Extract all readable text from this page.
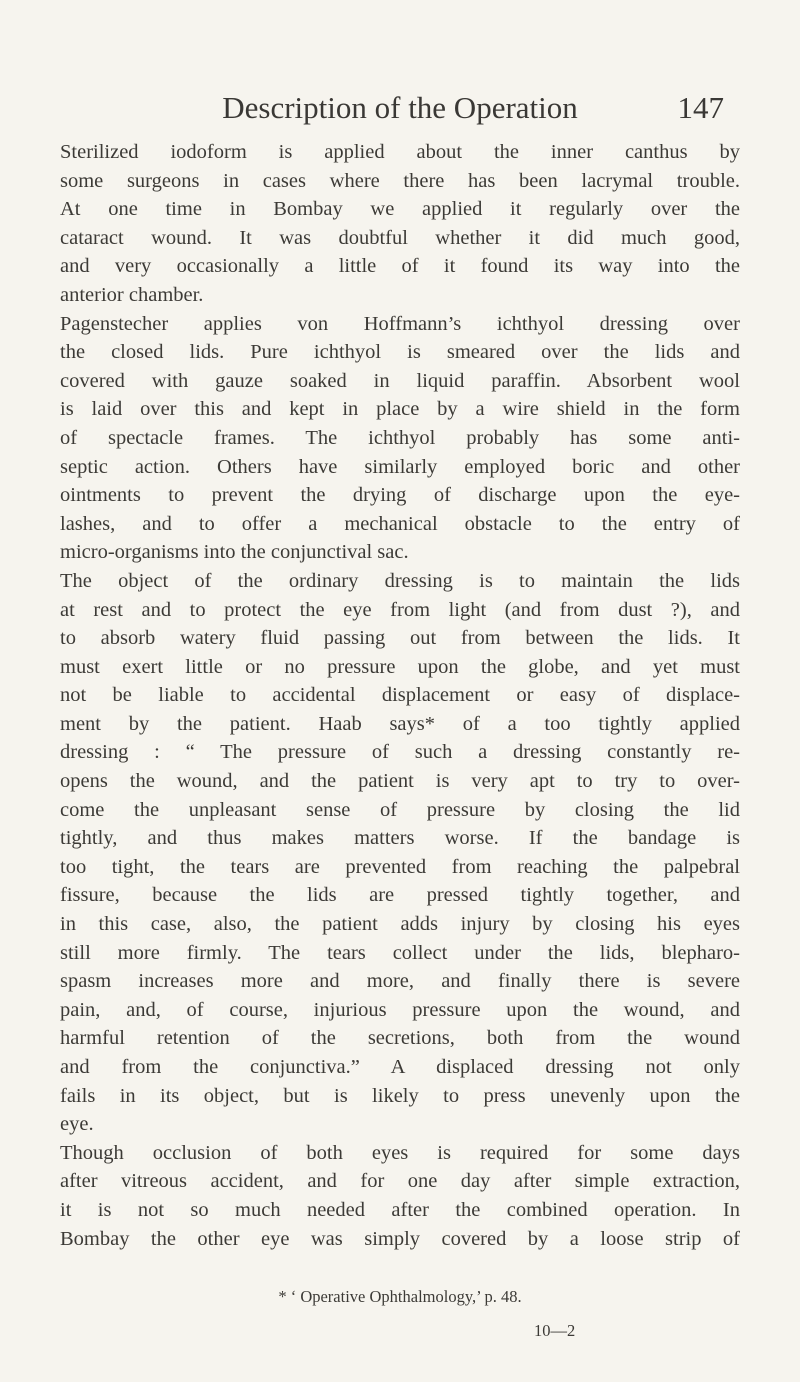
Description of the Operation	147
Sterilized iodoform is applied about the inner canthus by
some surgeons in cases where there has been lacrymal trouble.
At one time in Bombay we applied it regularly over the
cataract wound. It was doubtful whether it did much good,
and very occasionally a little of it found its way into the
anterior chamber.
Pagenstecher applies von Hoffmann’s ichthyol dressing over
the closed lids. Pure ichthyol is smeared over the lids and
covered with gauze soaked in liquid paraffin. Absorbent wool
is laid over this and kept in place by a wire shield in the form
of spectacle frames. The ichthyol probably has some anti-
septic action. Others have similarly employed boric and other
ointments to prevent the drying of discharge upon the eye-
lashes, and to offer a mechanical obstacle to the entry of
micro-organisms into the conjunctival sac.
The object of the ordinary dressing is to maintain the lids
at rest and to protect the eye from light (and from dust ?), and
to absorb watery fluid passing out from between the lids. It
must exert little or no pressure upon the globe, and yet must
not be liable to accidental displacement or easy of displace-
ment by the patient. Haab says* of a too tightly applied
dressing : “ The pressure of such a dressing constantly re-
opens the wound, and the patient is very apt to try to over-
come the unpleasant sense of pressure by closing the lid
tightly, and thus makes matters worse. If the bandage is
too tight, the tears are prevented from reaching the palpebral
fissure, because the lids are pressed tightly together, and
in this case, also, the patient adds injury by closing his eyes
still more firmly. The tears collect under the lids, blepharo-
spasm increases more and more, and finally there is severe
pain, and, of course, injurious pressure upon the wound, and
harmful retention of the secretions, both from the wound
and from the conjunctiva.” A displaced dressing not only
fails in its object, but is likely to press unevenly upon the
eye.
Though occlusion of both eyes is required for some days
after vitreous accident, and for one day after simple extraction,
it is not so much needed after the combined operation. In
Bombay the other eye was simply covered by a loose strip of
* ‘ Operative Ophthalmology,’ p. 48.
10—2
